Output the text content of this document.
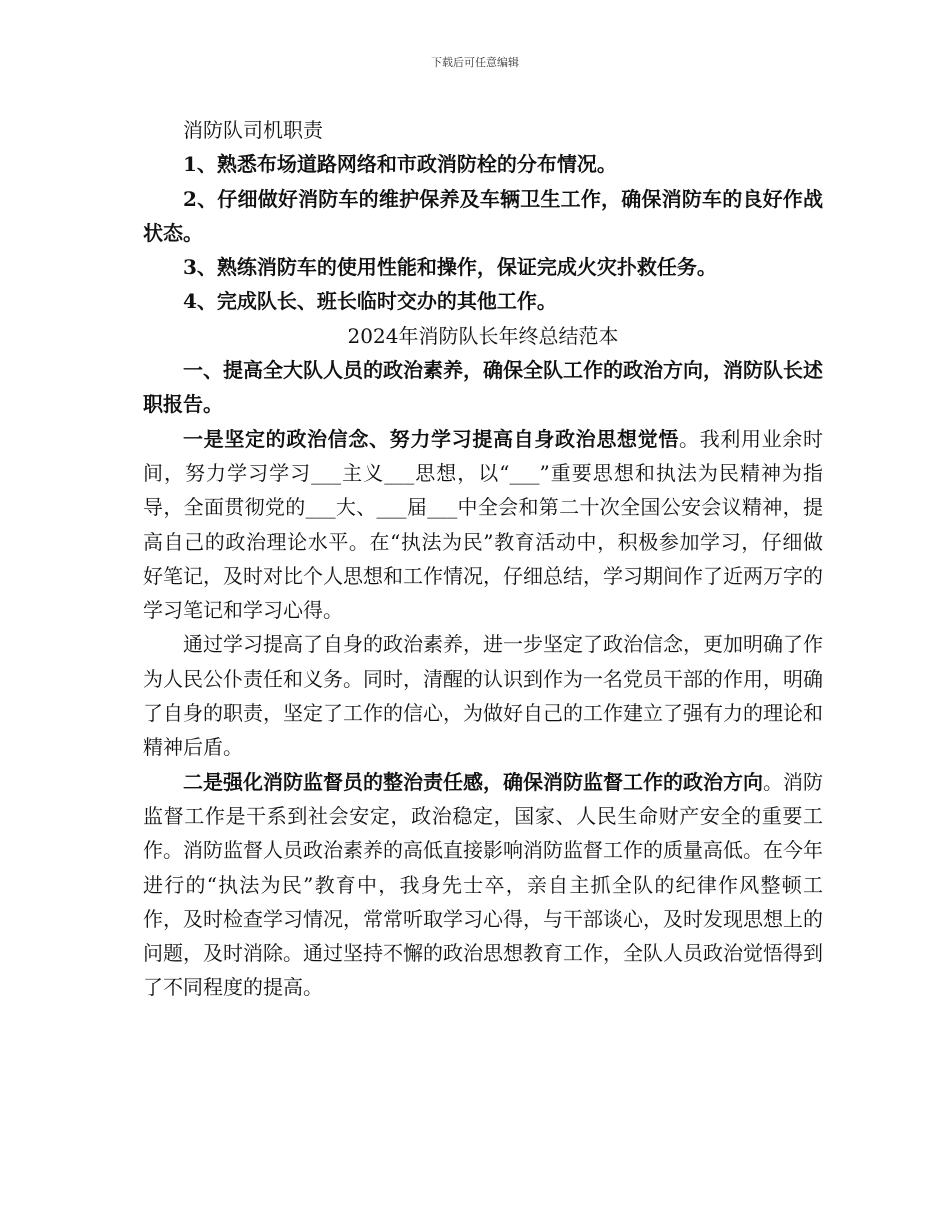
下载后可任意编辑

消防队司机职责

1、熟悉布场道路网络和市政消防栓的分布情况。

2、仔细做好消防车的维护保养及车辆卫生工作，确保消防车的良好作战状态。

3、熟练消防车的使用性能和操作，保证完成火灾扑救任务。

4、完成队长、班长临时交办的其他工作。

2024年消防队长年终总结范本

一、提高全大队人员的政治素养，确保全队工作的政治方向，消防队长述职报告。

一是坚定的政治信念、努力学习提高自身政治思想觉悟。我利用业余时间，努力学习学习___主义___思想，以“___”重要思想和执法为民精神为指导，全面贯彻党的___大、___届___中全会和第二十次全国公安会议精神，提高自己的政治理论水平。在“执法为民”教育活动中，积极参加学习，仔细做好笔记，及时对比个人思想和工作情况，仔细总结，学习期间作了近两万字的学习笔记和学习心得。

通过学习提高了自身的政治素养，进一步坚定了政治信念，更加明确了作为人民公仆责任和义务。同时，清醒的认识到作为一名党员干部的作用，明确了自身的职责，坚定了工作的信心，为做好自己的工作建立了强有力的理论和精神后盾。

二是强化消防监督员的整治责任感，确保消防监督工作的政治方向。消防监督工作是干系到社会安定，政治稳定，国家、人民生命财产安全的重要工作。消防监督人员政治素养的高低直接影响消防监督工作的质量高低。在今年进行的“执法为民”教育中，我身先士卒，亲自主抓全队的纪律作风整顿工作，及时检查学习情况，常常听取学习心得，与干部谈心，及时发现思想上的问题，及时消除。通过坚持不懈的政治思想教育工作，全队人员政治觉悟得到了不同程度的提高。
